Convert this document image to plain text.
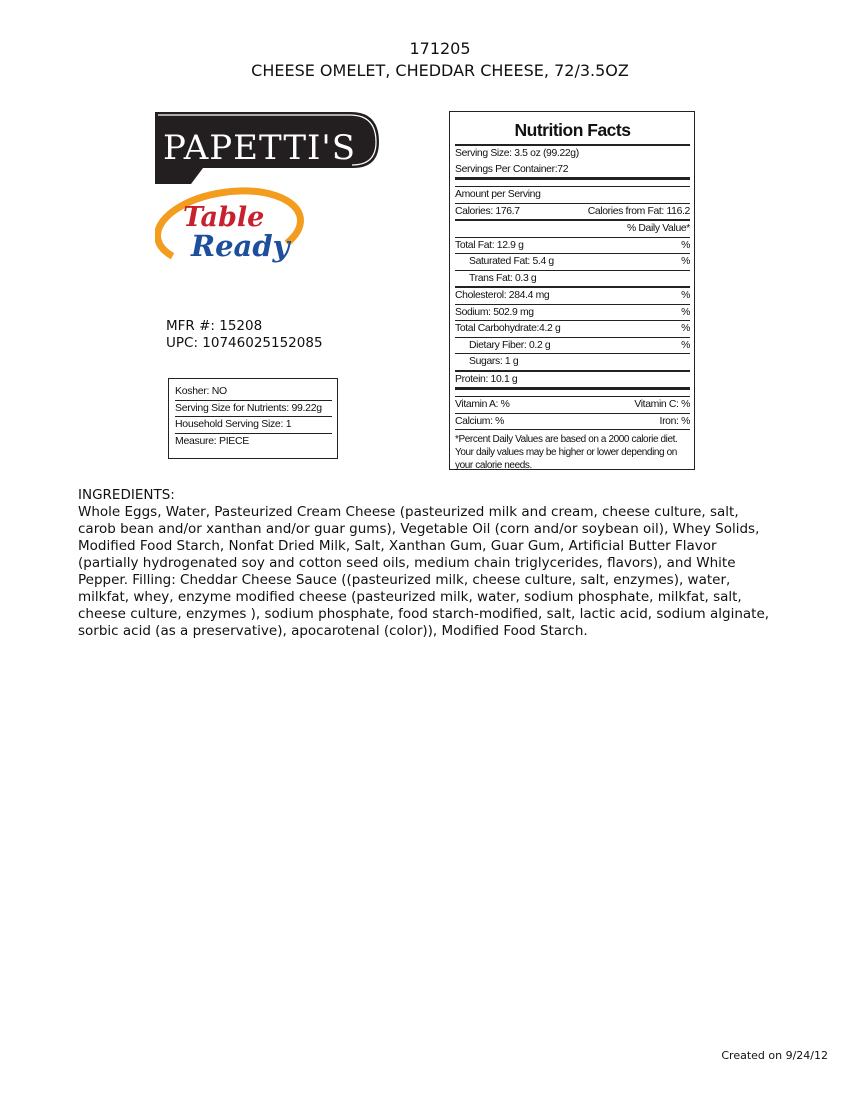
171205
CHEESE OMELET, CHEDDAR CHEESE, 72/3.5OZ
PAPETTI'S
Table
Ready
MFR #: 15208
UPC: 10746025152085
Kosher: NO
Serving Size for Nutrients: 99.22g
Household Serving Size: 1
Measure: PIECE
Nutrition Facts
Serving Size: 3.5 oz (99.22g)
Servings Per Container:72
Amount per Serving
Calories: 176.7	Calories from Fat: 116.2
% Daily Value*
Total Fat: 12.9 g	%
Saturated Fat: 5.4 g	%
Trans Fat: 0.3 g
Cholesterol: 284.4 mg	%
Sodium: 502.9 mg	%
Total Carbohydrate:4.2 g	%
Dietary Fiber: 0.2 g	%
Sugars: 1 g
Protein: 10.1 g
Vitamin A: %	Vitamin C: %
Calcium: %	Iron: %
*Percent Daily Values are based on a 2000 calorie diet. Your daily values may be higher or lower depending on your calorie needs.

INGREDIENTS:

Whole Eggs, Water, Pasteurized Cream Cheese (pasteurized milk and cream, cheese culture, salt, carob bean and/or xanthan and/or guar gums), Vegetable Oil (corn and/or soybean oil), Whey Solids, Modified Food Starch, Nonfat Dried Milk, Salt, Xanthan Gum, Guar Gum, Artificial Butter Flavor (partially hydrogenated soy and cotton seed oils, medium chain triglycerides, flavors), and White Pepper. Filling: Cheddar Cheese Sauce ((pasteurized milk, cheese culture, salt, enzymes), water, milkfat, whey, enzyme modified cheese (pasteurized milk, water, sodium phosphate, milkfat, salt, cheese culture, enzymes ), sodium phosphate, food starch-modified, salt, lactic acid, sodium alginate, sorbic acid (as a preservative), apocarotenal (color)), Modified Food Starch.

Created on 9/24/12
